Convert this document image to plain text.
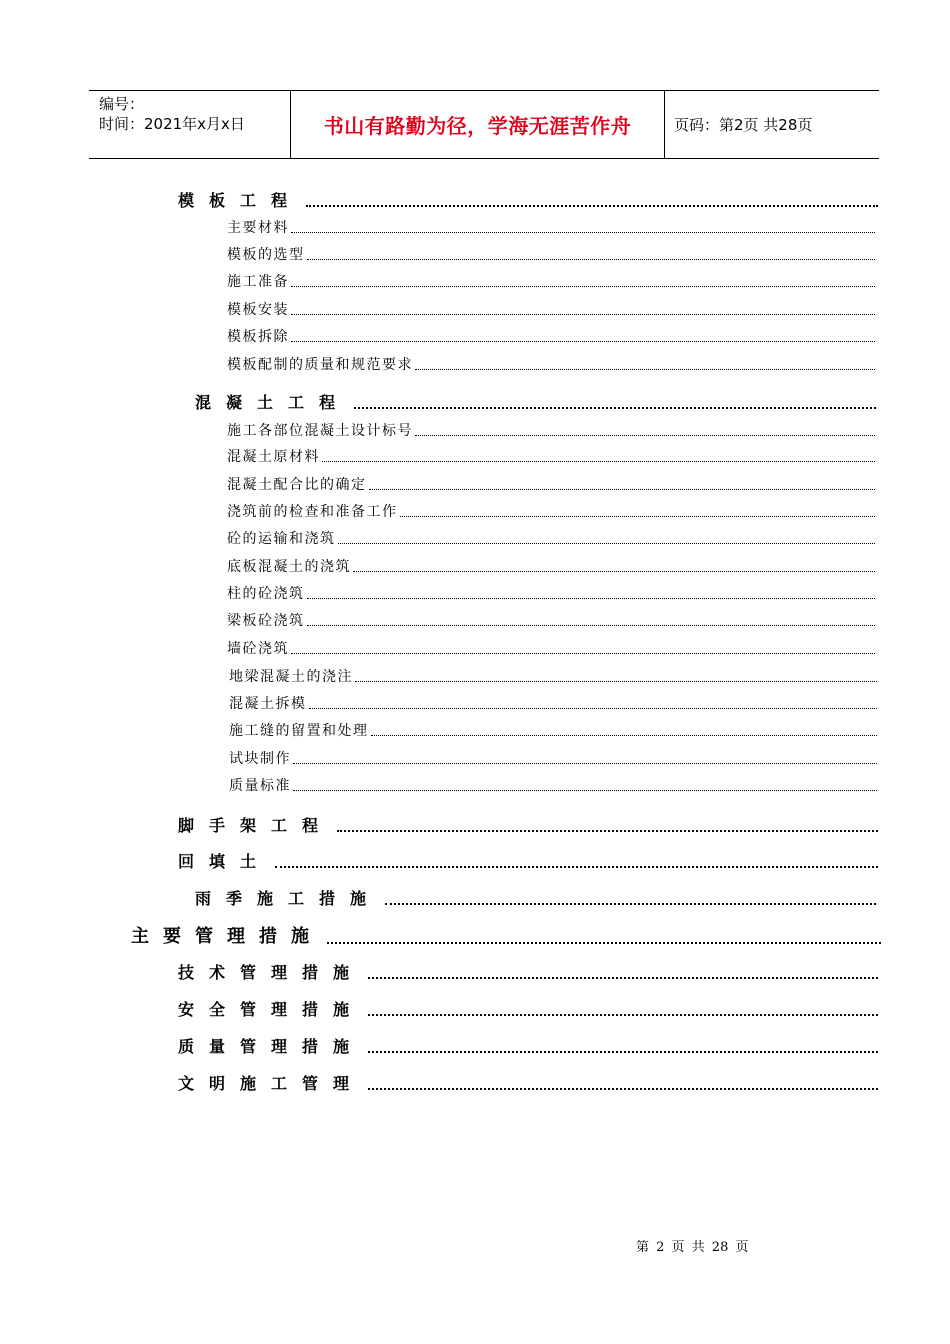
编号：
时间：2021年x月x日	书山有路勤为径，学海无涯苦作舟	页码：第2页 共28页
模板工程
主要材料
模板的选型
施工准备
模板安装
模板拆除
模板配制的质量和规范要求
混凝土工程
施工各部位混凝土设计标号
混凝土原材料
混凝土配合比的确定
浇筑前的检查和准备工作
砼的运输和浇筑
底板混凝土的浇筑
柱的砼浇筑
梁板砼浇筑
墙砼浇筑
地梁混凝土的浇注
混凝土拆模
施工缝的留置和处理
试块制作
质量标准
脚手架工程
回填土
雨季施工措施
主要管理措施
技术管理措施
安全管理措施
质量管理措施
文明施工管理
第 2 页 共 28 页
